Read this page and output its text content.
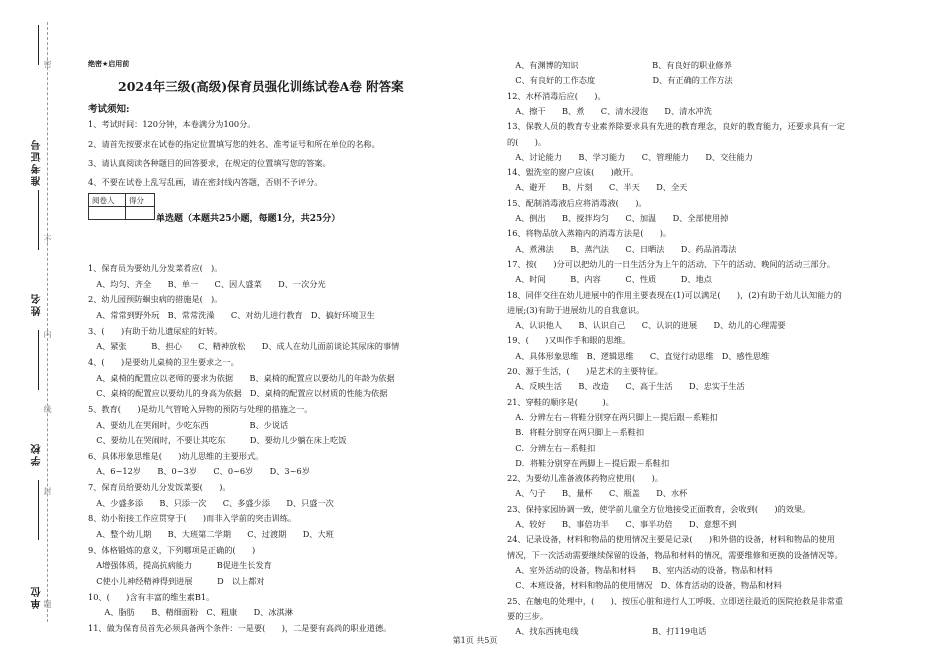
准考证号
姓名
学校
单位
密
不
内
线
封
题
绝密★启用前
2024年三级(高级)保育员强化训练试卷A卷 附答案
考试须知:
1、考试时间：120分钟，本卷满分为100分。
2、请首先按要求在试卷的指定位置填写您的姓名、准考证号和所在单位的名称。
3、请认真阅读各种题目的回答要求，在规定的位置填写您的答案。
4、不要在试卷上乱写乱画，请在密封线内答题，否则不予评分。
阅卷人	得分

单选题（本题共25小题，每题1分，共25分）
1、保育员为要幼儿分发菜肴应(　)。
　A、均匀、齐全　　B、单一　　C、因人盛菜　　D、一次分光
2、幼儿园预防蛔虫病的措施是(　)。
　A、常常到野外玩　B、常常洗澡　　C、对幼儿进行教育　D、搞好环境卫生
3、(　　)有助于幼儿遗尿症的好转。
　A、紧张　　　B、担心　　C、精神放松　　D、成人在幼儿面前谈论其尿床的事情
4、(　　)是要幼儿桌椅的卫生要求之一。
　A、桌椅的配置应以老师的要求为依据　　B、桌椅的配置应以要幼儿的年龄为依据
　C、桌椅的配置应以要幼儿的身高为依据　D、桌椅的配置应以材质的性能为依据
5、教育(　　)是幼儿气管呛入异物的预防与处理的措施之一。
　A、要幼儿在哭闹时，少吃东西　　　　　B、少说话
　C、要幼儿在哭闹时，不要让其吃东　　　D、要幼儿少躺在床上吃饭
6、具体形象思维是(　　)幼儿思维的主要形式。
　A、6~12岁　　B、0~3岁　　C、0~6岁　　D、3~6岁
7、保育员给要幼儿分发饭菜要(　　)。
　A、少盛多添　　B、只添一次　　C、多盛少添　　D、只盛一次
8、幼小衔接工作应贯穿于(　　)而非入学前的突击训练。
　A、整个幼儿期　　B、大班第二学期　　C、过渡期　　D、大班
9、体格锻炼的意义，下列哪项是正确的(　　)
　A增强体质，提高抗病能力　　　B促进生长发育
　C使小儿神经精神得到进展　　　D　以上都对
10、(　　)含有丰富的维生素B1。
　　A、脂肪　　B、精细面粉　C、粗康　　D、冰淇淋
11、做为保育员首先必须具备两个条件：一是要(　　)，二是要有高尚的职业道德。
　A、有渊博的知识　　　　　　　　　B、有良好的职业修养
　C、有良好的工作态度　　　　　　　D、有正确的工作方法
12、水杯消毒后应(　　)。
　A、擦干　　B、煮　　C、清水浸泡　　D、清水冲洗
13、保教人员的教育专业素养除要求具有先进的教育理念，良好的教育能力，还要求具有一定
的(　　)。
　A、讨论能力　　B、学习能力　　C、管理能力　　D、交往能力
14、盥洗室的窗户应该(　　)敞开。
　A、避开　　B、片刻　　C、半天　　D、全天
15、配制消毒液后应将消毒液(　　)。
　A、倒出　　B、搅拌均匀　　C、加温　　D、全部使用掉
16、将物品放入蒸箱内的消毒方法是(　　)。
　A、煮沸法　　B、蒸汽法　　C、日晒法　　D、药品消毒法
17、按(　　)分可以把幼儿的一日生活分为上午的活动、下午的活动、晚间的活动三部分。
　A、时间　　　B、内容　　　C、性质　　　D、地点
18、同伴交往在幼儿进展中的作用主要表现在(1)可以满足(　　)，(2)有助于幼儿认知能力的
进展;(3)有助于进展幼儿的自我意识。
　A、认识他人　　B、认识自己　　C、认识的进展　　D、幼儿的心理需要
19、(　　)又叫作手和眼的思维。
　A、具体形象思维　B、逻辑思维　　C、直觉行动思维　D、感性思维
20、源于生活，(　　)是艺术的主要特征。
　A、反映生活　　B、改造　　C、高于生活　　D、忠实于生活
21、穿鞋的顺序是(　　　)。
　A．分辨左右－将鞋分别穿在两只脚上－提后跟－系鞋扣
　B．将鞋分别穿在两只脚上－系鞋扣
　C．分辨左右－系鞋扣
　D．将鞋分别穿在两脚上－提后跟－系鞋扣
22、为要幼儿准备液体药物应使用(　　)。
　A、勺子　　B、量杯　　C、瓶盖　　D、水杯
23、保持家园协调一致，使学前儿童全方位地接受正面教育，会收到(　　)的效果。
　A、较好　　B、事倍功半　　C、事半功倍　　D、意想不到
24、记录设备，材料和物品的使用情况主要是记录(　　)和外借的设备，材料和物品的使用
情况，下一次活动需要继续保留的设备，物品和材料的情况，需要维修和更换的设备情况等。
　A、室外活动的设备，物品和材料　　B、室内活动的设备，物品和材料
　C、本班设备，材料和物品的使用情况　D、体育活动的设备，物品和材料
25、在触电的处理中，(　　)、按压心脏和进行人工呼吸、立即送往最近的医院抢救是非常重
要的三步。
　A、找东西挑电线　　　　　　　　　B、打119电话
第1页 共5页
